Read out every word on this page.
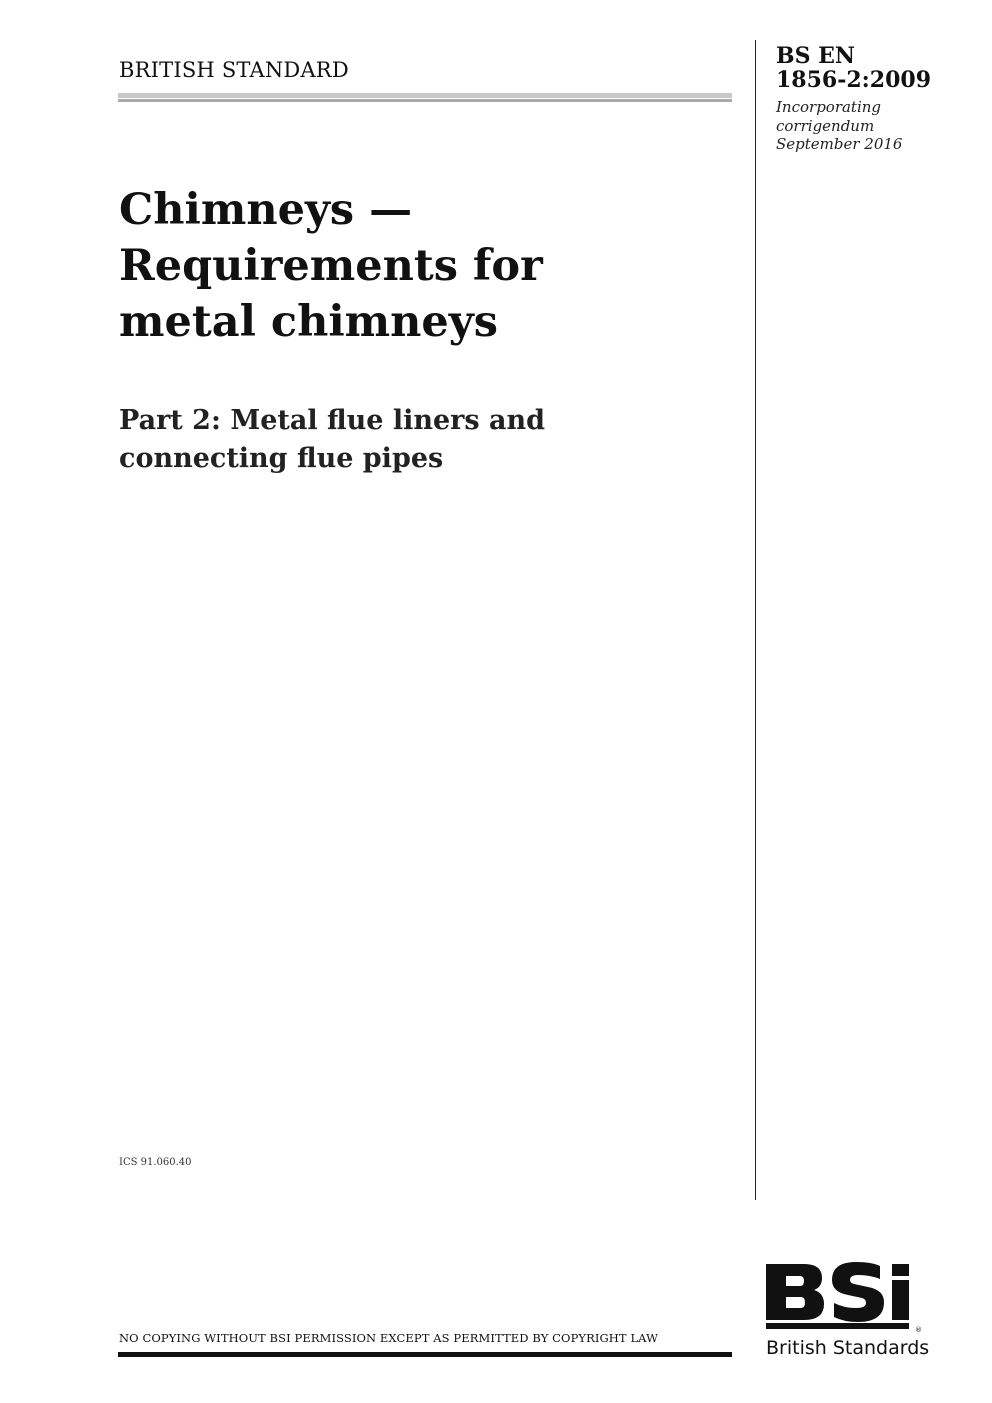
BRITISH STANDARD
BS EN
1856-2:2009
Incorporating
corrigendum
September 2016
Chimneys —
Requirements for
metal chimneys
Part 2: Metal flue liners and
connecting flue pipes
ICS 91.060.40
NO COPYING WITHOUT BSI PERMISSION EXCEPT AS PERMITTED BY COPYRIGHT LAW
®
British Standards
